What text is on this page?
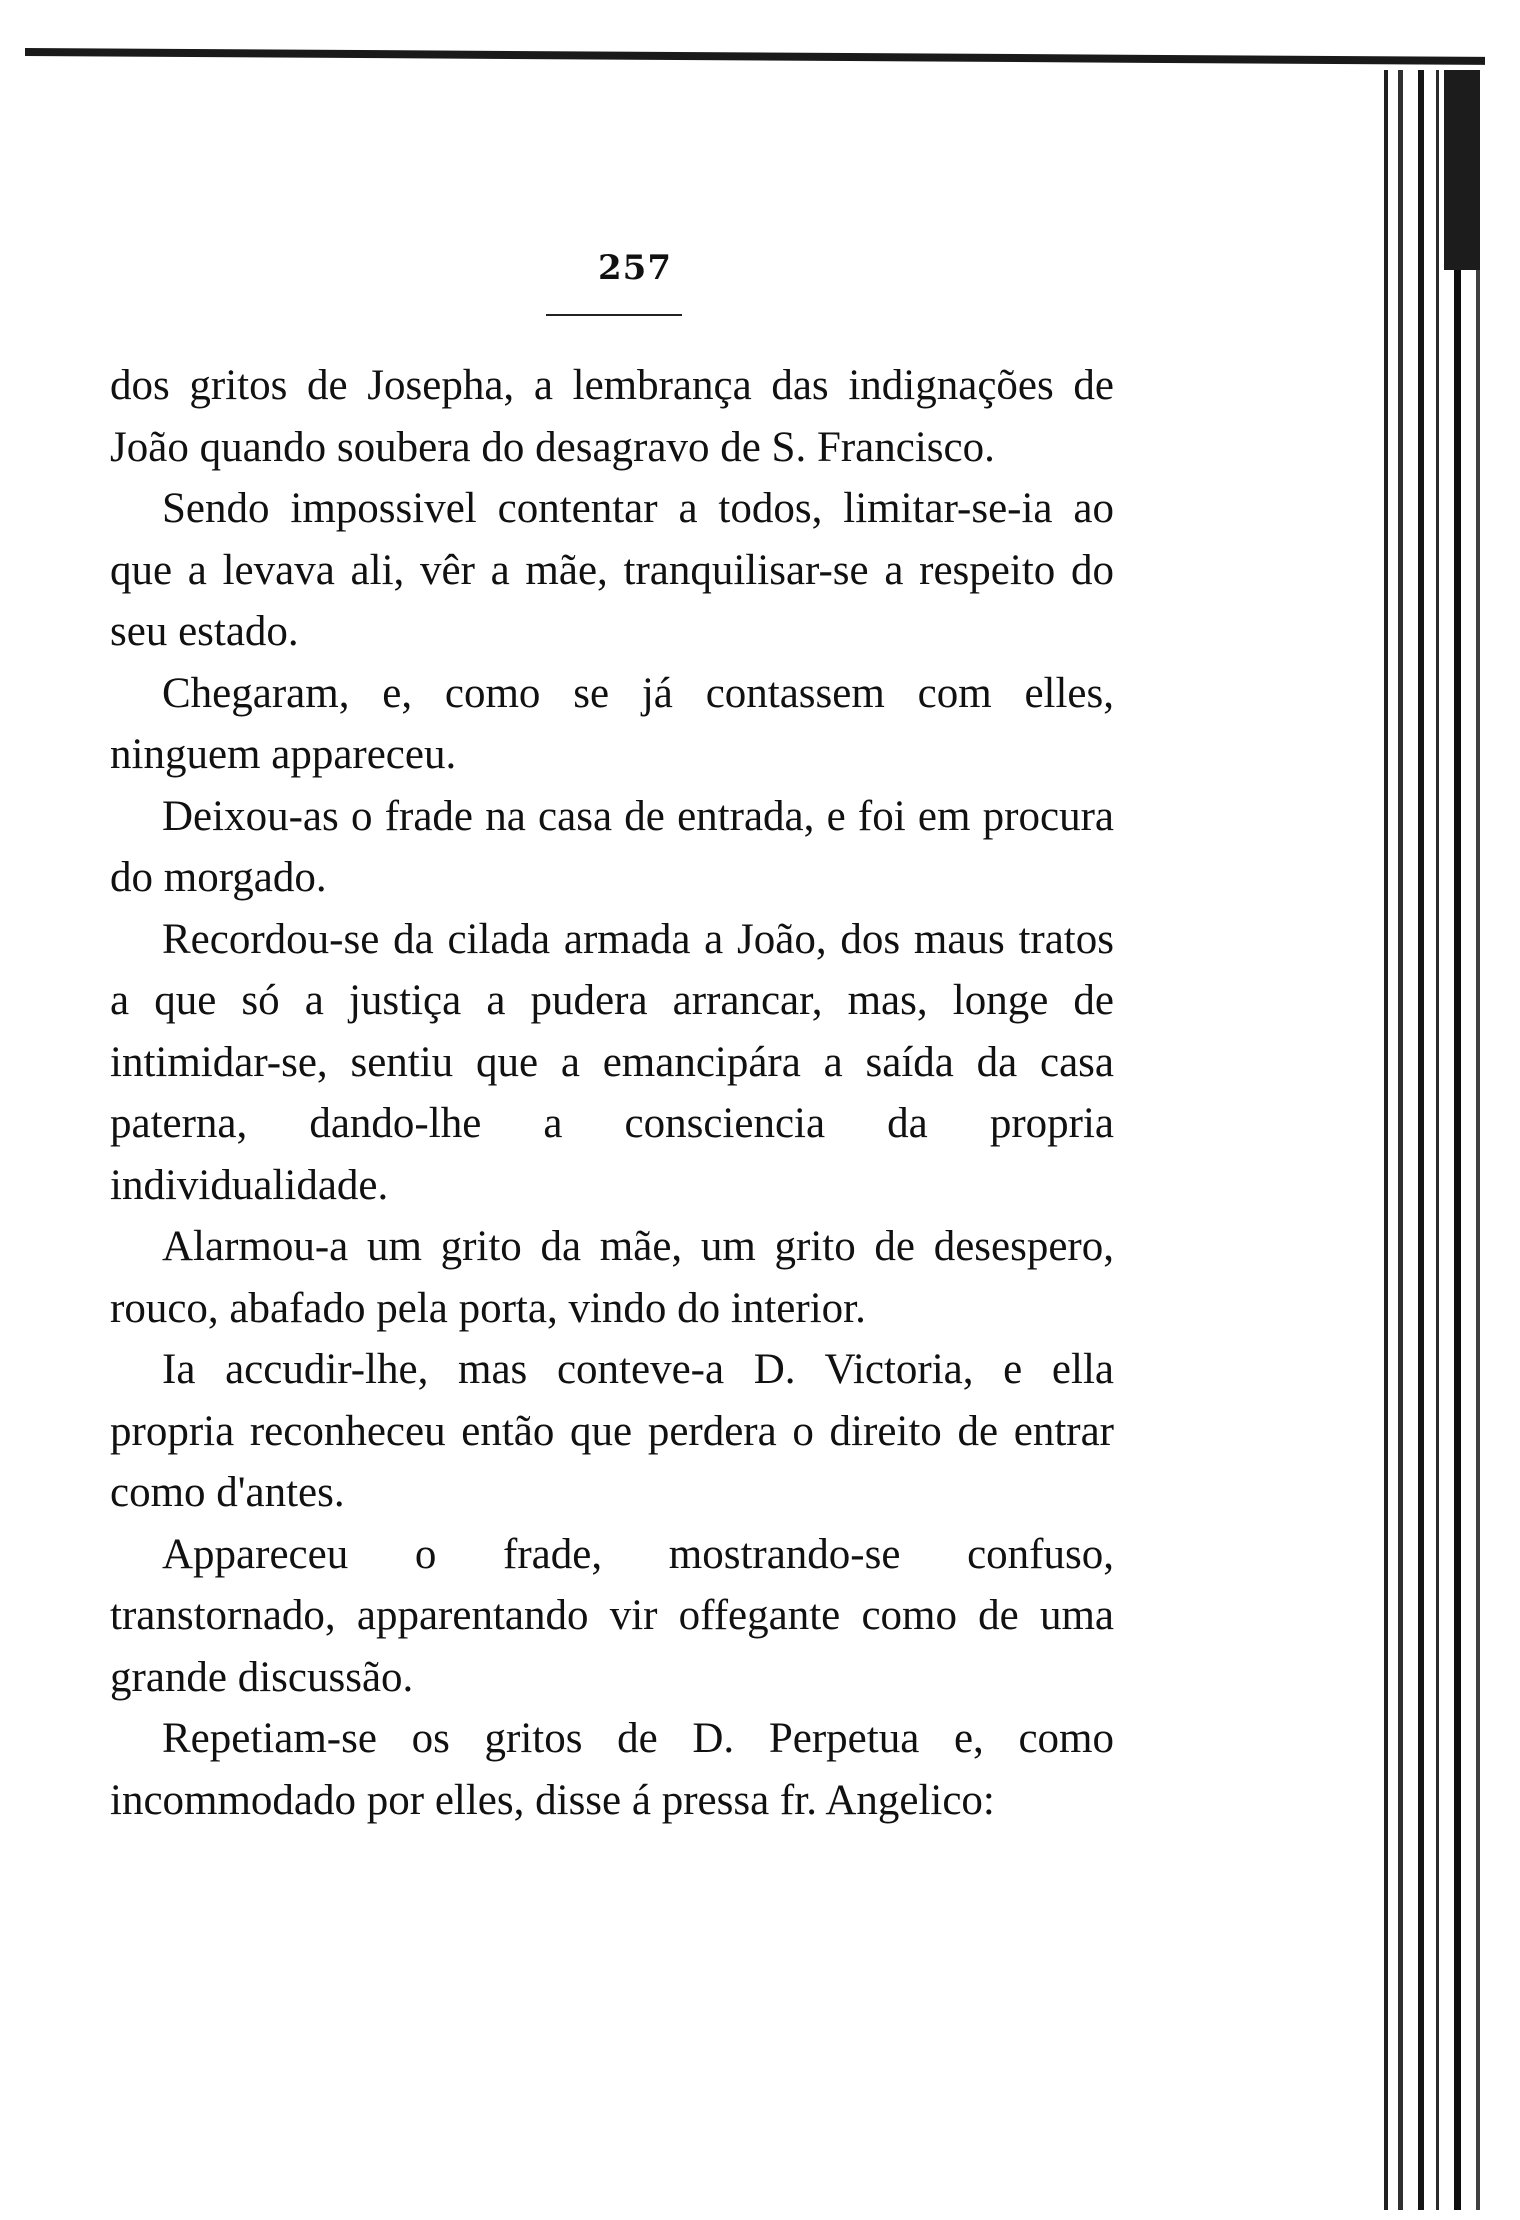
257

dos gritos de Josepha, a lembrança das indignações de João quando soubera do desagravo de S. Francisco.

Sendo impossivel contentar a todos, limitar-se-ia ao que a levava ali, vêr a mãe, tranquilisar-se a respeito do seu estado.

Chegaram, e, como se já contassem com elles, ninguem appareceu.

Deixou-as o frade na casa de entrada, e foi em procura do morgado.

Recordou-se da cilada armada a João, dos maus tratos a que só a justiça a pudera arrancar, mas, longe de intimidar-se, sentiu que a emancipára a saída da casa paterna, dando-lhe a consciencia da propria individualidade.

Alarmou-a um grito da mãe, um grito de desespero, rouco, abafado pela porta, vindo do interior.

Ia accudir-lhe, mas conteve-a D. Victoria, e ella propria reconheceu então que perdera o direito de entrar como d'antes.

Appareceu o frade, mostrando-se confuso, transtornado, apparentando vir offegante como de uma grande discussão.

Repetiam-se os gritos de D. Perpetua e, como incommodado por elles, disse á pressa fr. Angelico:
